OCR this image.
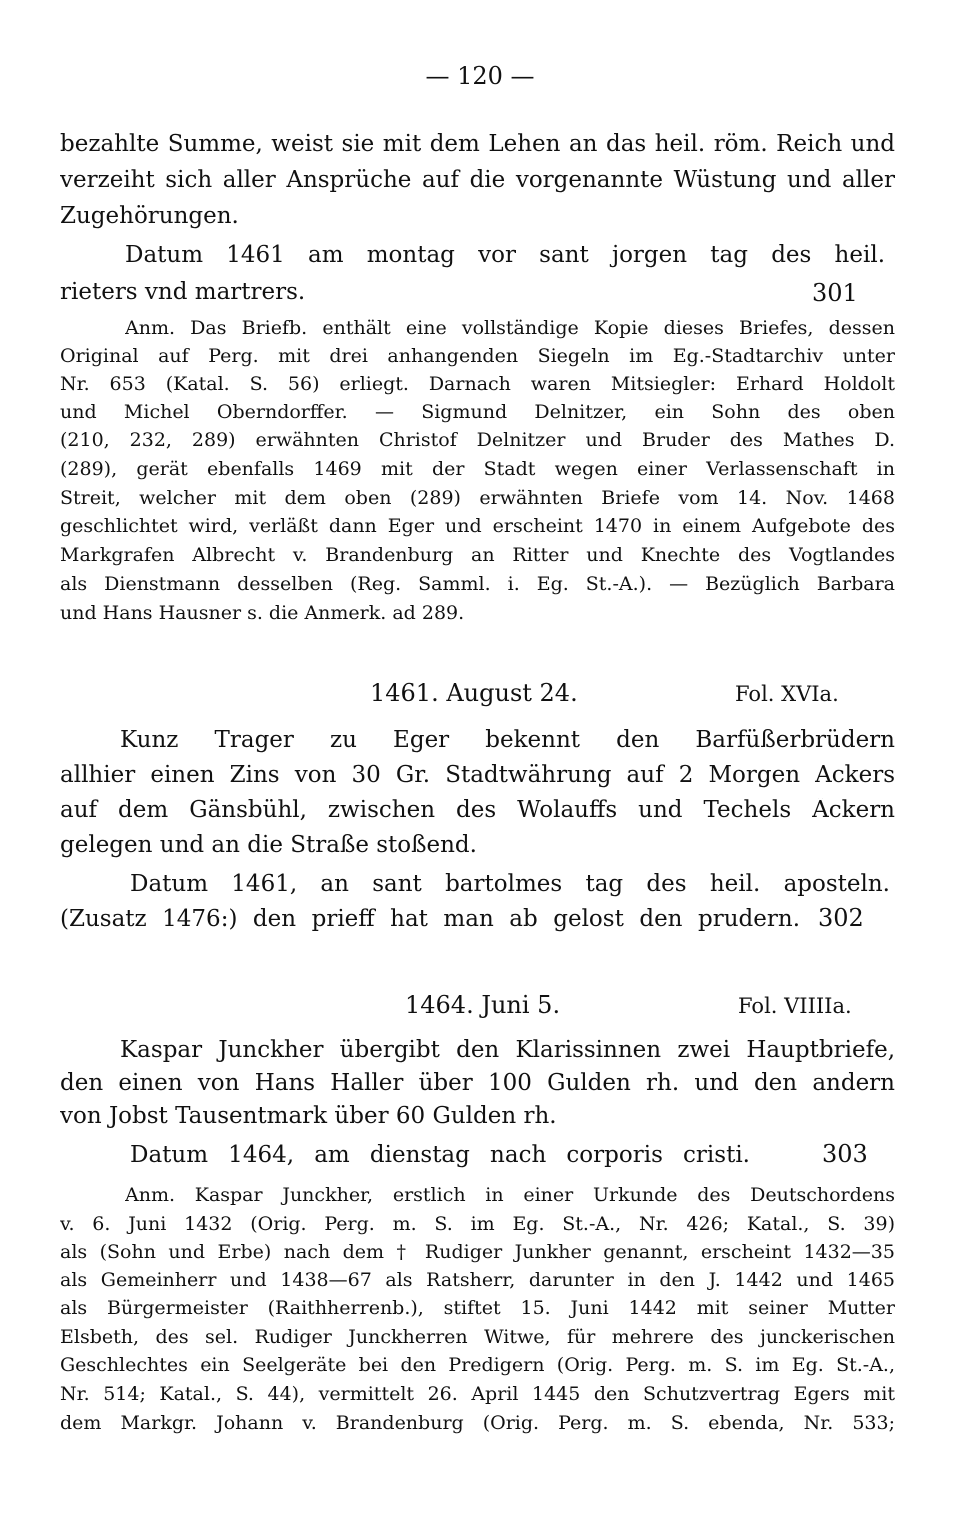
— 120 —
bezahlte Summe, weist sie mit dem Lehen an das heil. röm. Reich und
verzeiht sich aller Ansprüche auf die vorgenannte Wüstung und aller
Zugehörungen.
Datum 1461 am montag vor sant jorgen tag des heil.
rieters vnd martrers.	301
Anm. Das Briefb. enthält eine vollständige Kopie dieses Briefes, dessen
Original auf Perg. mit drei anhangenden Siegeln im Eg.-Stadtarchiv unter
Nr. 653 (Katal. S. 56) erliegt. Darnach waren Mitsiegler: Erhard Holdolt
und Michel Oberndorffer. — Sigmund Delnitzer, ein Sohn des oben
(210, 232, 289) erwähnten Christof Delnitzer und Bruder des Mathes D.
(289), gerät ebenfalls 1469 mit der Stadt wegen einer Verlassenschaft in
Streit, welcher mit dem oben (289) erwähnten Briefe vom 14. Nov. 1468
geschlichtet wird, verläßt dann Eger und erscheint 1470 in einem Aufgebote des
Markgrafen Albrecht v. Brandenburg an Ritter und Knechte des Vogtlandes
als Dienstmann desselben (Reg. Samml. i. Eg. St.-A.). — Bezüglich Barbara
und Hans Hausner s. die Anmerk. ad 289.
1461. August 24.	Fol. XVIa.
Kunz Trager zu Eger bekennt den Barfüßerbrüdern
allhier einen Zins von 30 Gr. Stadtwährung auf 2 Morgen Ackers
auf dem Gänsbühl, zwischen des Wolauffs und Techels Äckern
gelegen und an die Straße stoßend.
Datum 1461, an sant bartolmes tag des heil. aposteln.
(Zusatz 1476:) den prieff hat man ab gelost den prudern. 302
1464. Juni 5.	Fol. VIIIIa.
Kaspar Junckher übergibt den Klarissinnen zwei Hauptbriefe,
den einen von Hans Haller über 100 Gulden rh. und den andern
von Jobst Tausentmark über 60 Gulden rh.
Datum 1464, am dienstag nach corporis cristi.	303
Anm. Kaspar Junckher, erstlich in einer Urkunde des Deutschordens
v. 6. Juni 1432 (Orig. Perg. m. S. im Eg. St.-A., Nr. 426; Katal., S. 39)
als (Sohn und Erbe) nach dem † Rudiger Junkher genannt, erscheint 1432—35
als Gemeinherr und 1438—67 als Ratsherr, darunter in den J. 1442 und 1465
als Bürgermeister (Raithherrenb.), stiftet 15. Juni 1442 mit seiner Mutter
Elsbeth, des sel. Rudiger Junckherren Witwe, für mehrere des junckerischen
Geschlechtes ein Seelgeräte bei den Predigern (Orig. Perg. m. S. im Eg. St.-A.,
Nr. 514; Katal., S. 44), vermittelt 26. April 1445 den Schutzvertrag Egers mit
dem Markgr. Johann v. Brandenburg (Orig. Perg. m. S. ebenda, Nr. 533;
